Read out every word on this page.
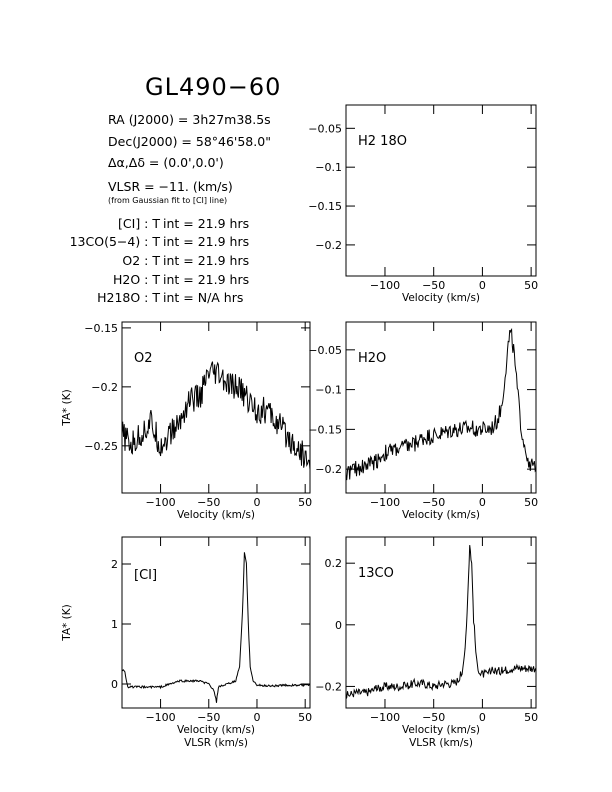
GL490−60
RA (J2000) = 3h27m38.5s
Dec(J2000) = 58°46'58.0"
Δα,Δδ = (0.0',0.0')
VLSR = −11. (km/s)
(from Gaussian fit to [CI] line)
[CI] : T int = 21.9 hrs
13CO(5−4) : T int = 21.9 hrs
O2 : T int = 21.9 hrs
H2O : T int = 21.9 hrs
H218O : T int = N/A hrs
−100 −50	0	50
−0.05
−0.1
−0.15
−0.2
Velocity (km/s)
H2 18O
−100 −50	0	50
−0.15
−0.2
−0.25
Velocity (km/s)
TA* (K)
O2
−100 −50	0	50
−0.05
−0.1
−0.15
−0.2
Velocity (km/s)
H2O
−100 −50	0	50
0
1
2
Velocity (km/s)
VLSR (km/s)
TA* (K)
[CI]
−100 −50	0	50
0.2
0
−0.2
Velocity (km/s)
VLSR (km/s)
13CO
